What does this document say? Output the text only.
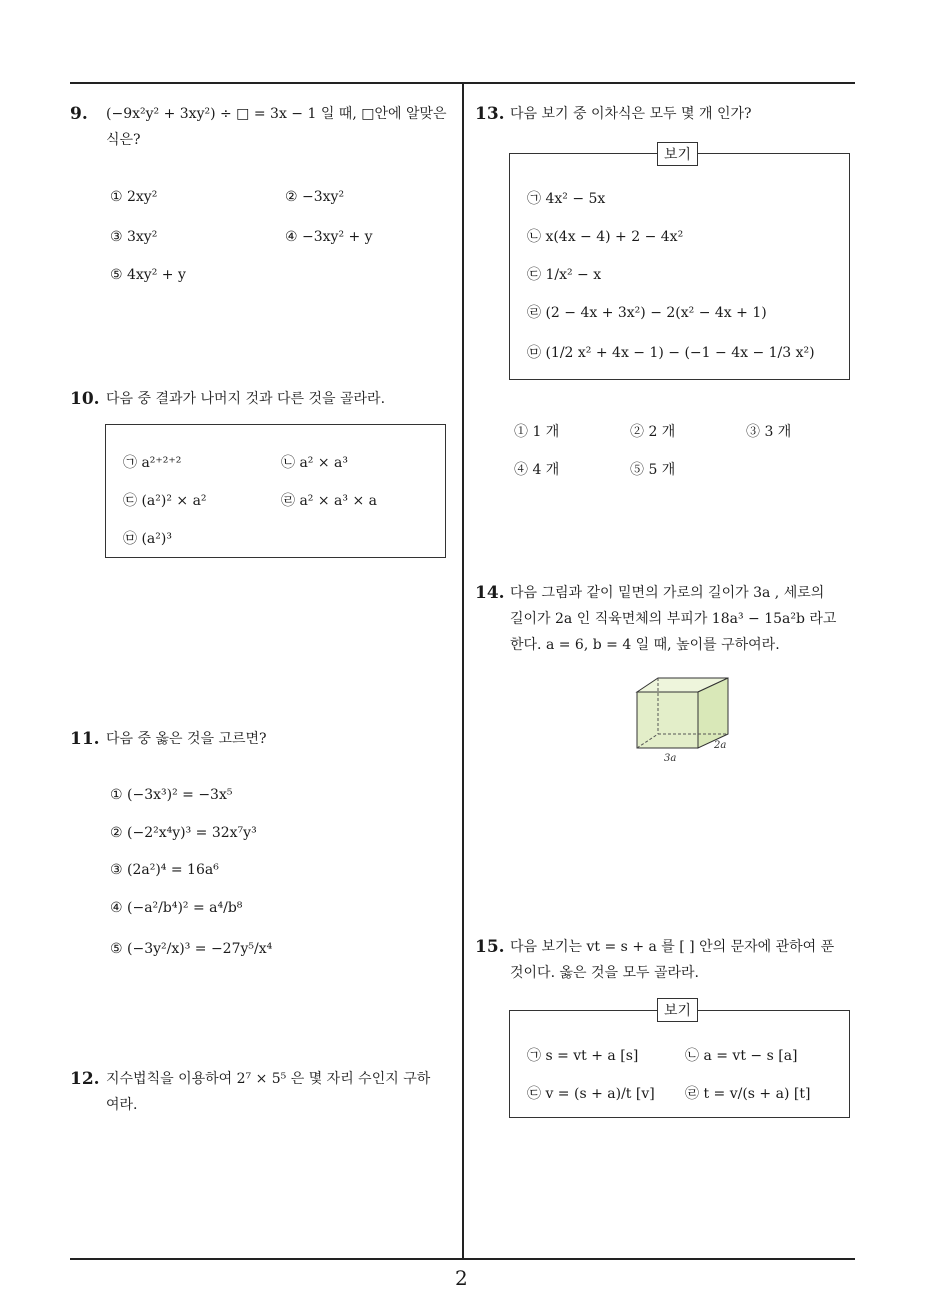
9. (−9x²y² + 3xy²) ÷ □ = 3x − 1 일 때, □안에 알맞은
식은?
① 2xy²	② −3xy²
③ 3xy²	④ −3xy² + y
⑤ 4xy² + y
10. 다음 중 결과가 나머지 것과 다른 것을 골라라.
㉠ a²⁺²⁺²	㉡ a² × a³
㉢ (a²)² × a²	㉣ a² × a³ × a
㉤ (a²)³
11. 다음 중 옳은 것을 고르면?
① (−3x³)² = −3x⁵
② (−2²x⁴y)³ = 32x⁷y³
③ (2a²)⁴ = 16a⁶
④ (−a²/b⁴)² = a⁴/b⁸
⑤ (−3y²/x)³ = −27y⁵/x⁴
12. 지수법칙을 이용하여 2⁷ × 5⁵ 은 몇 자리 수인지 구하
여라.
13. 다음 보기 중 이차식은 모두 몇 개 인가?
㉠ 4x² − 5x
㉡ x(4x − 4) + 2 − 4x²
㉢ 1/x² − x
㉣ (2 − 4x + 3x²) − 2(x² − 4x + 1)
㉤ (1/2 x² + 4x − 1) − (−1 − 4x − 1/3 x²)
보기
① 1 개	② 2 개	③ 3 개
④ 4 개	⑤ 5 개
14. 다음 그림과 같이 밑면의 가로의 길이가 3a , 세로의
길이가 2a 인 직육면체의 부피가 18a³ − 15a²b 라고
한다. a = 6, b = 4 일 때, 높이를 구하여라.
3a
2a
15. 다음 보기는 vt = s + a 를 [ ] 안의 문자에 관하여 푼
것이다. 옳은 것을 모두 골라라.
㉠ s = vt + a [s]	㉡ a = vt − s [a]
㉢ v = (s + a)/t [v] ㉣ t = v/(s + a) [t]
보기
2
